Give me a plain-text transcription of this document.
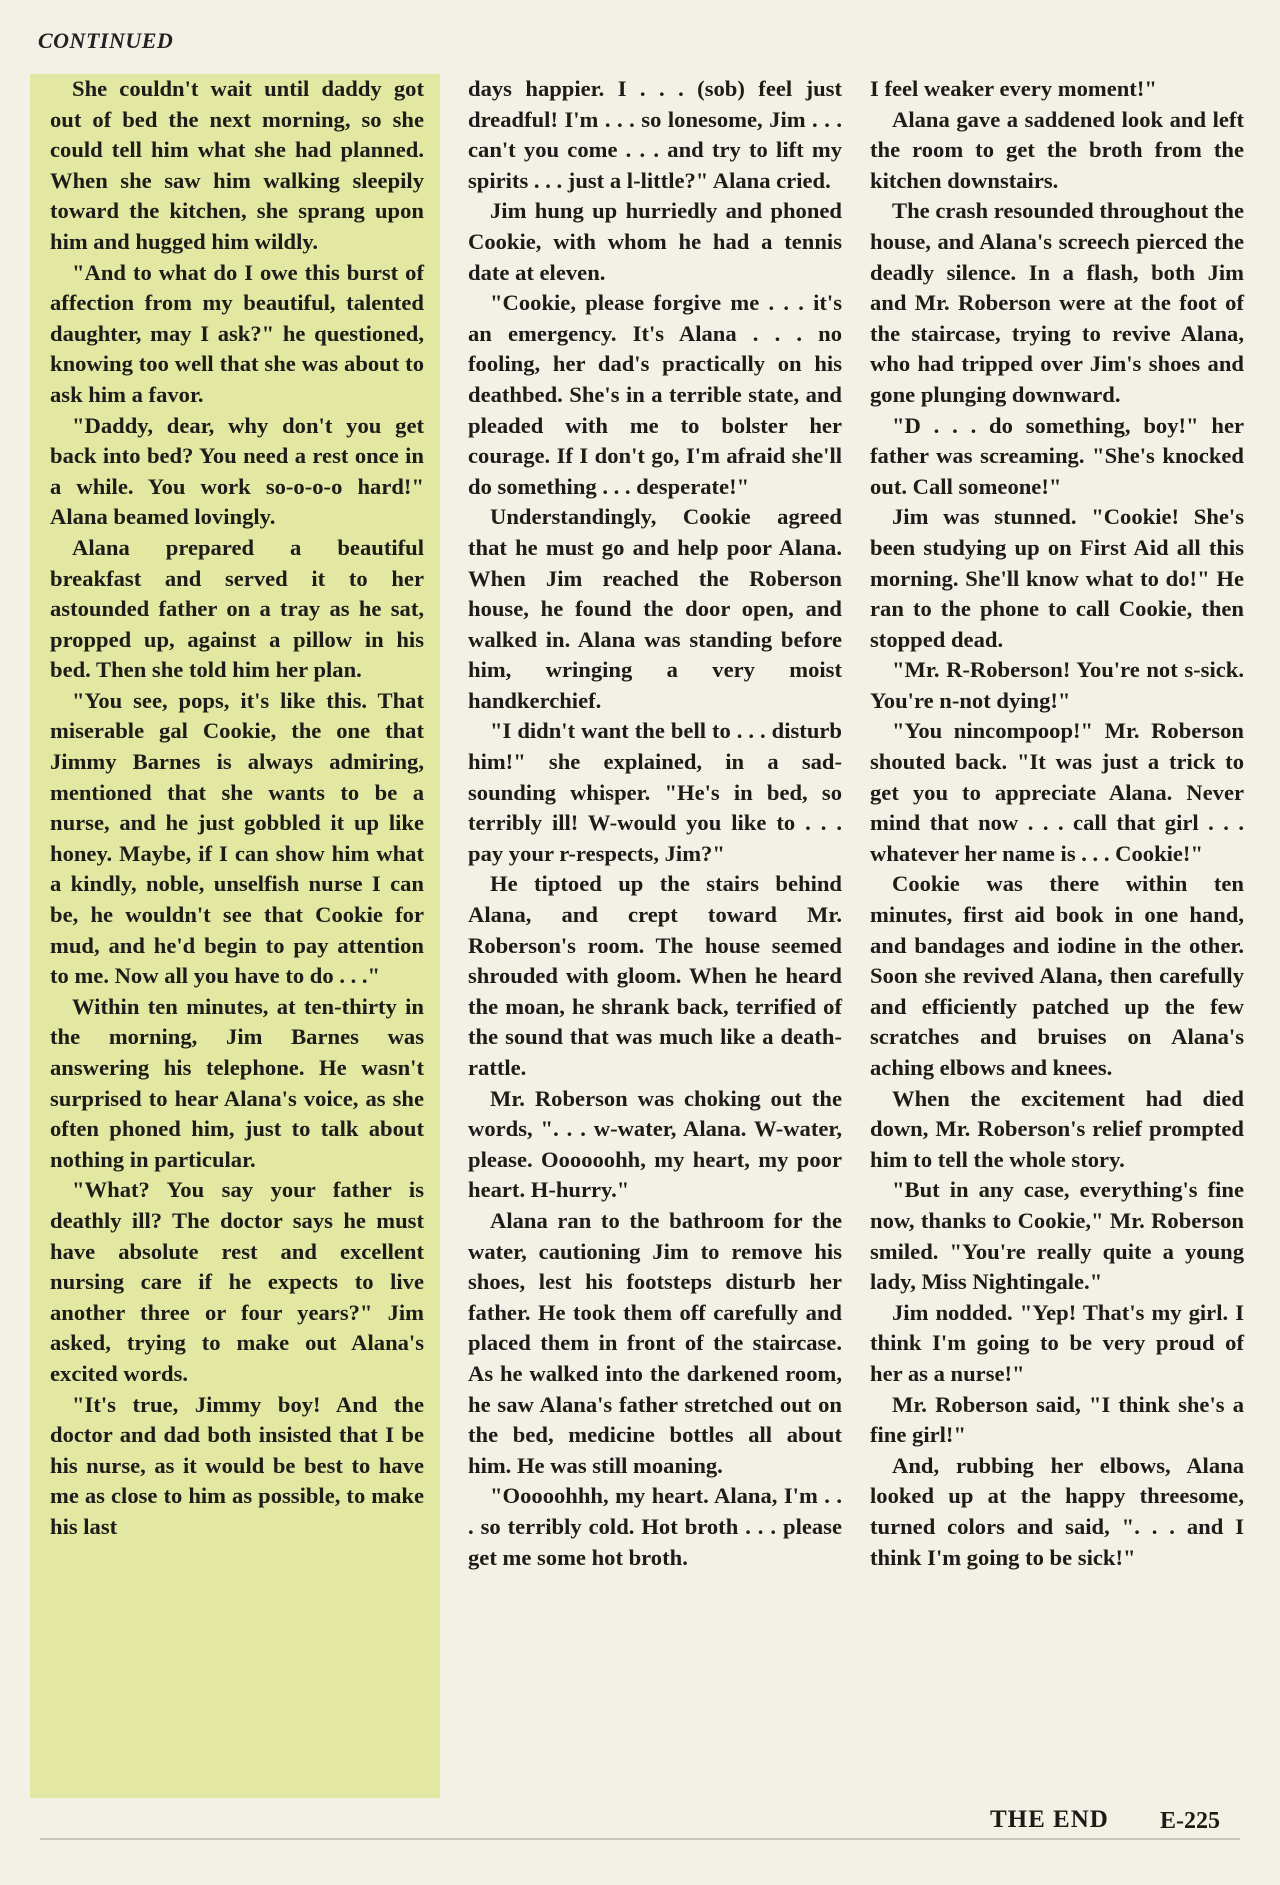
CONTINUED

She couldn't wait until daddy got out of bed the next morning, so she could tell him what she had planned. When she saw him walking sleepily toward the kitchen, she sprang upon him and hugged him wildly.

"And to what do I owe this burst of affection from my beautiful, talented daughter, may I ask?" he questioned, knowing too well that she was about to ask him a favor.

"Daddy, dear, why don't you get back into bed? You need a rest once in a while. You work so-o-o-o hard!" Alana beamed lovingly.

Alana prepared a beautiful breakfast and served it to her astounded father on a tray as he sat, propped up, against a pillow in his bed. Then she told him her plan.

"You see, pops, it's like this. That miserable gal Cookie, the one that Jimmy Barnes is always admiring, mentioned that she wants to be a nurse, and he just gobbled it up like honey. Maybe, if I can show him what a kindly, noble, unselfish nurse I can be, he wouldn't see that Cookie for mud, and he'd begin to pay attention to me. Now all you have to do . . ."

Within ten minutes, at ten-thirty in the morning, Jim Barnes was answering his telephone. He wasn't surprised to hear Alana's voice, as she often phoned him, just to talk about nothing in particular.

"What? You say your father is deathly ill? The doctor says he must have absolute rest and excellent nursing care if he expects to live another three or four years?" Jim asked, trying to make out Alana's excited words.

"It's true, Jimmy boy! And the doctor and dad both insisted that I be his nurse, as it would be best to have me as close to him as possible, to make his last

days happier. I . . . (sob) feel just dreadful! I'm . . . so lonesome, Jim . . . can't you come . . . and try to lift my spirits . . . just a l-little?" Alana cried.

Jim hung up hurriedly and phoned Cookie, with whom he had a tennis date at eleven.

"Cookie, please forgive me . . . it's an emergency. It's Alana . . . no fooling, her dad's practically on his deathbed. She's in a terrible state, and pleaded with me to bolster her courage. If I don't go, I'm afraid she'll do something . . . desperate!"

Understandingly, Cookie agreed that he must go and help poor Alana. When Jim reached the Roberson house, he found the door open, and walked in. Alana was standing before him, wringing a very moist handkerchief.

"I didn't want the bell to . . . disturb him!" she explained, in a sad-sounding whisper. "He's in bed, so terribly ill! W-would you like to . . . pay your r-respects, Jim?"

He tiptoed up the stairs behind Alana, and crept toward Mr. Roberson's room. The house seemed shrouded with gloom. When he heard the moan, he shrank back, terrified of the sound that was much like a death-rattle.

Mr. Roberson was choking out the words, ". . . w-water, Alana. W-water, please. Oooooohh, my heart, my poor heart. H-hurry."

Alana ran to the bathroom for the water, cautioning Jim to remove his shoes, lest his footsteps disturb her father. He took them off carefully and placed them in front of the staircase. As he walked into the darkened room, he saw Alana's father stretched out on the bed, medicine bottles all about him. He was still moaning.

"Ooooohhh, my heart. Alana, I'm . . . so terribly cold. Hot broth . . . please get me some hot broth.

I feel weaker every moment!"

Alana gave a saddened look and left the room to get the broth from the kitchen downstairs.

The crash resounded throughout the house, and Alana's screech pierced the deadly silence. In a flash, both Jim and Mr. Roberson were at the foot of the staircase, trying to revive Alana, who had tripped over Jim's shoes and gone plunging downward.

"D . . . do something, boy!" her father was screaming. "She's knocked out. Call someone!"

Jim was stunned. "Cookie! She's been studying up on First Aid all this morning. She'll know what to do!" He ran to the phone to call Cookie, then stopped dead.

"Mr. R-Roberson! You're not s-sick. You're n-not dying!"

"You nincompoop!" Mr. Roberson shouted back. "It was just a trick to get you to appreciate Alana. Never mind that now . . . call that girl . . . whatever her name is . . . Cookie!"

Cookie was there within ten minutes, first aid book in one hand, and bandages and iodine in the other. Soon she revived Alana, then carefully and efficiently patched up the few scratches and bruises on Alana's aching elbows and knees.

When the excitement had died down, Mr. Roberson's relief prompted him to tell the whole story.

"But in any case, everything's fine now, thanks to Cookie," Mr. Roberson smiled. "You're really quite a young lady, Miss Nightingale."

Jim nodded. "Yep! That's my girl. I think I'm going to be very proud of her as a nurse!"

Mr. Roberson said, "I think she's a fine girl!"

And, rubbing her elbows, Alana looked up at the happy threesome, turned colors and said, ". . . and I think I'm going to be sick!"

THE END E-225
